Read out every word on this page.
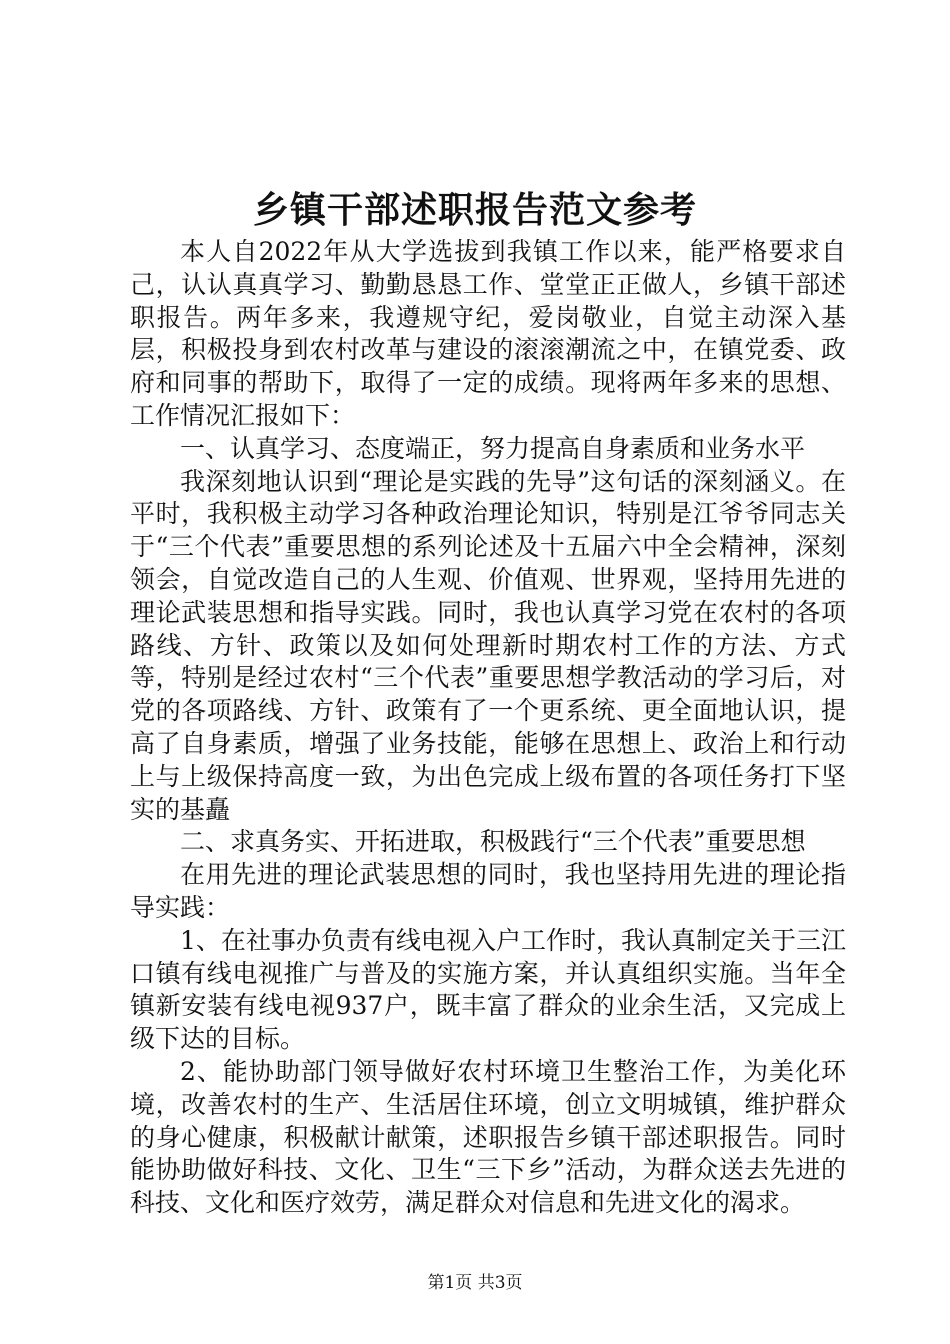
乡镇干部述职报告范文参考

本人自2022年从大学选拔到我镇工作以来，能严格要求自己，认认真真学习、勤勤恳恳工作、堂堂正正做人，乡镇干部述职报告。两年多来，我遵规守纪，爱岗敬业，自觉主动深入基层，积极投身到农村改革与建设的滚滚潮流之中，在镇党委、政府和同事的帮助下，取得了一定的成绩。现将两年多来的思想、工作情况汇报如下：

一、认真学习、态度端正，努力提高自身素质和业务水平

我深刻地认识到“理论是实践的先导”这句话的深刻涵义。在平时，我积极主动学习各种政治理论知识，特别是江爷爷同志关于“三个代表”重要思想的系列论述及十五届六中全会精神，深刻领会，自觉改造自己的人生观、价值观、世界观，坚持用先进的理论武装思想和指导实践。同时，我也认真学习党在农村的各项路线、方针、政策以及如何处理新时期农村工作的方法、方式等，特别是经过农村“三个代表”重要思想学教活动的学习后，对党的各项路线、方针、政策有了一个更系统、更全面地认识，提高了自身素质，增强了业务技能，能够在思想上、政治上和行动上与上级保持高度一致，为出色完成上级布置的各项任务打下坚实的基矗

二、求真务实、开拓进取，积极践行“三个代表”重要思想

在用先进的理论武装思想的同时，我也坚持用先进的理论指导实践：

1、在社事办负责有线电视入户工作时，我认真制定关于三江口镇有线电视推广与普及的实施方案，并认真组织实施。当年全镇新安装有线电视937户，既丰富了群众的业余生活，又完成上级下达的目标。

2、能协助部门领导做好农村环境卫生整治工作，为美化环境，改善农村的生产、生活居住环境，创立文明城镇，维护群众的身心健康，积极献计献策，述职报告乡镇干部述职报告。同时能协助做好科技、文化、卫生“三下乡”活动，为群众送去先进的科技、文化和医疗效劳，满足群众对信息和先进文化的渴求。

第1页 共3页
